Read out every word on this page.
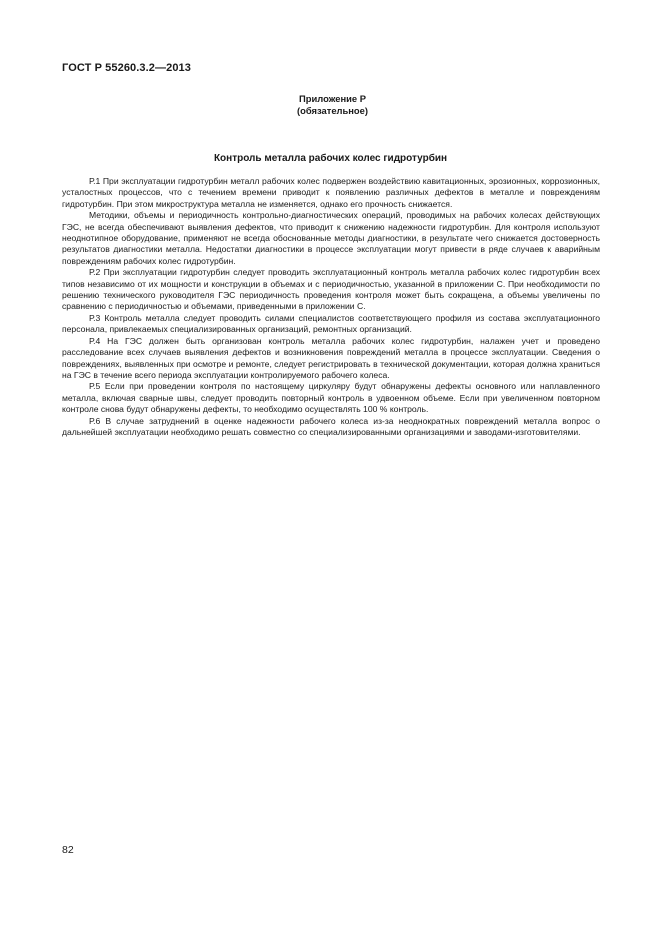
ГОСТ Р 55260.3.2—2013
Приложение Р
(обязательное)
Контроль металла рабочих колес гидротурбин

Р.1 При эксплуатации гидротурбин металл рабочих колес подвержен воздействию кавитационных, эрозионных, коррозионных, усталостных процессов, что с течением времени приводит к появлению различных дефектов в металле и повреждениям гидротурбин. При этом микроструктура металла не изменяется, однако его прочность снижается.

Методики, объемы и периодичность контрольно-диагностических операций, проводимых на рабочих колесах действующих ГЭС, не всегда обеспечивают выявления дефектов, что приводит к снижению надежности гидротурбин. Для контроля используют неоднотипное оборудование, применяют не всегда обоснованные методы диагностики, в результате чего снижается достоверность результатов диагностики металла. Недостатки диагностики в процессе эксплуатации могут привести в ряде случаев к аварийным повреждениям рабочих колес гидротурбин.

Р.2 При эксплуатации гидротурбин следует проводить эксплуатационный контроль металла рабочих колес гидротурбин всех типов независимо от их мощности и конструкции в объемах и с периодичностью, указанной в приложении С. При необходимости по решению технического руководителя ГЭС периодичность проведения контроля может быть сокращена, а объемы увеличены по сравнению с периодичностью и объемами, приведенными в приложении С.

Р.3 Контроль металла следует проводить силами специалистов соответствующего профиля из состава эксплуатационного персонала, привлекаемых специализированных организаций, ремонтных организаций.

Р.4 На ГЭС должен быть организован контроль металла рабочих колес гидротурбин, налажен учет и проведено расследование всех случаев выявления дефектов и возникновения повреждений металла в процессе эксплуатации. Сведения о повреждениях, выявленных при осмотре и ремонте, следует регистрировать в технической документации, которая должна храниться на ГЭС в течение всего периода эксплуатации контролируемого рабочего колеса.

Р.5 Если при проведении контроля по настоящему циркуляру будут обнаружены дефекты основного или наплавленного металла, включая сварные швы, следует проводить повторный контроль в удвоенном объеме. Если при увеличенном повторном контроле снова будут обнаружены дефекты, то необходимо осуществлять 100 % контроль.

Р.6 В случае затруднений в оценке надежности рабочего колеса из-за неоднократных повреждений металла вопрос о дальнейшей эксплуатации необходимо решать совместно со специализированными организациями и заводами-изготовителями.

82
